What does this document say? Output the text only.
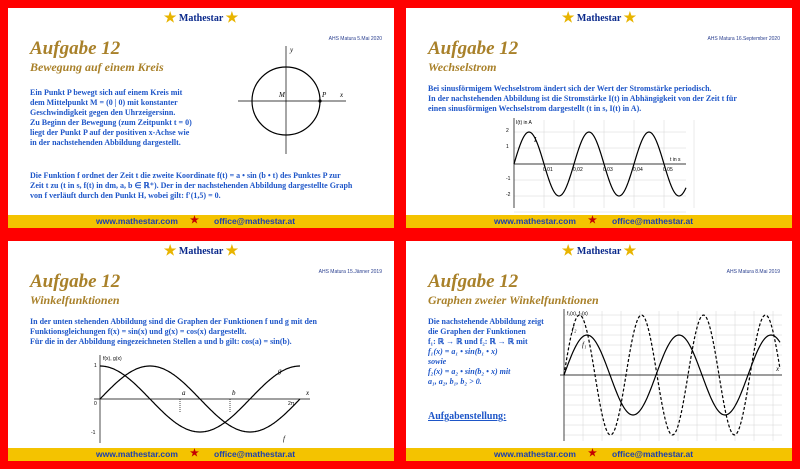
★ Mathestar ★
AHS Matura 5.Mai 2020
Aufgabe 12
Bewegung auf einem Kreis
Ein Punkt P bewegt sich auf einem Kreis mit
dem Mittelpunkt M = (0 | 0) mit konstanter
Geschwindigkeit gegen den Uhrzeigersinn.
Zu Beginn der Bewegung (zum Zeitpunkt t = 0)
liegt der Punkt P auf der positiven x-Achse wie
in der nachstehenden Abbildung dargestellt.
Die Funktion f ordnet der Zeit t die zweite Koordinate f(t) = a • sin (b • t) des Punktes P zur
Zeit t zu (t in s, f(t) in dm, a, b ∈ ℝ⁺). Der in der nachstehenden Abbildung dargestellte Graph
von f verläuft durch den Punkt H, wobei gilt: f'(1,5) = 0.
x
y
M	P
www.mathestar.com ★ office@mathestar.at
★ Mathestar ★
AHS Matura 16.September 2020
Aufgabe 12
Wechselstrom
Bei sinusförmigem Wechselstrom ändert sich der Wert der Stromstärke periodisch.
In der nachstehenden Abbildung ist die Stromstärke I(t) in Abhängigkeit von der Zeit t für
einen sinusförmigen Wechselstrom dargestellt (t in s, I(t) in A).
I(t) in A
t in s
I
2
1
-1
-2
0,01	0,02	0,03	0,04	0,05
www.mathestar.com ★ office@mathestar.at
★ Mathestar ★
AHS Matura 15.Jänner 2019
Aufgabe 12
Winkelfunktionen
In der unten stehenden Abbildung sind die Graphen der Funktionen f und g mit den
Funktionsgleichungen f(x) = sin(x) und g(x) = cos(x) dargestellt.
Für die in der Abbildung eingezeichneten Stellen a und b gilt: cos(a) = sin(b).
f(x), g(x)
x
f
g
a	b
1
-1
0	2π
www.mathestar.com ★ office@mathestar.at
★ Mathestar ★
AHS Matura 8.Mai 2019
Aufgabe 12
Graphen zweier Winkelfunktionen
Die nachstehende Abbildung zeigt
die Graphen der Funktionen
f₁: ℝ → ℝ und f₂: ℝ → ℝ mit
f₁(x) = a₁ • sin(b₁ • x)
sowie
f₂(x) = a₂ • sin(b₂ • x) mit
a₁, a₂, b₁, b₂ > 0.
Aufgabenstellung:
f₁(x), f₂(x)
x
f₁
f₂
www.mathestar.com ★ office@mathestar.at
